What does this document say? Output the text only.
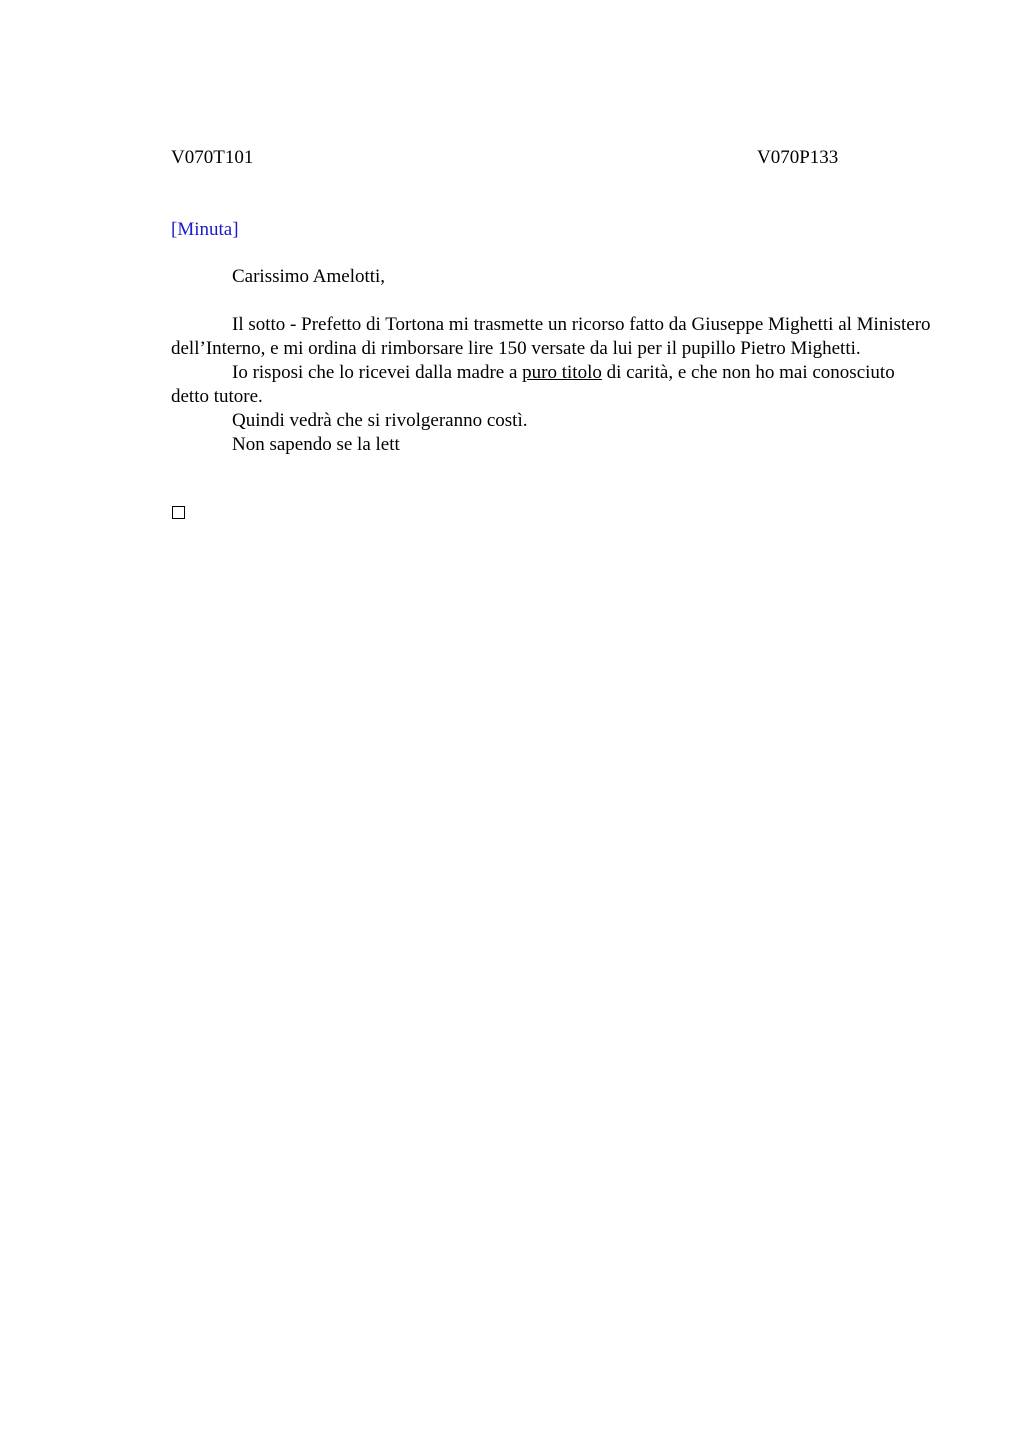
V070T101	V070P133
[Minuta]

Carissimo Amelotti,

Il sotto - Prefetto di Tortona mi trasmette un ricorso fatto da Giuseppe Mighetti al Ministero dell’Interno, e mi ordina di rimborsare lire 150 versate da lui per il pupillo Pietro Mighetti.

Io risposi che lo ricevei dalla madre a puro titolo di carità, e che non ho mai conosciuto detto tutore.

Quindi vedrà che si rivolgeranno costì.

Non sapendo se la lett
